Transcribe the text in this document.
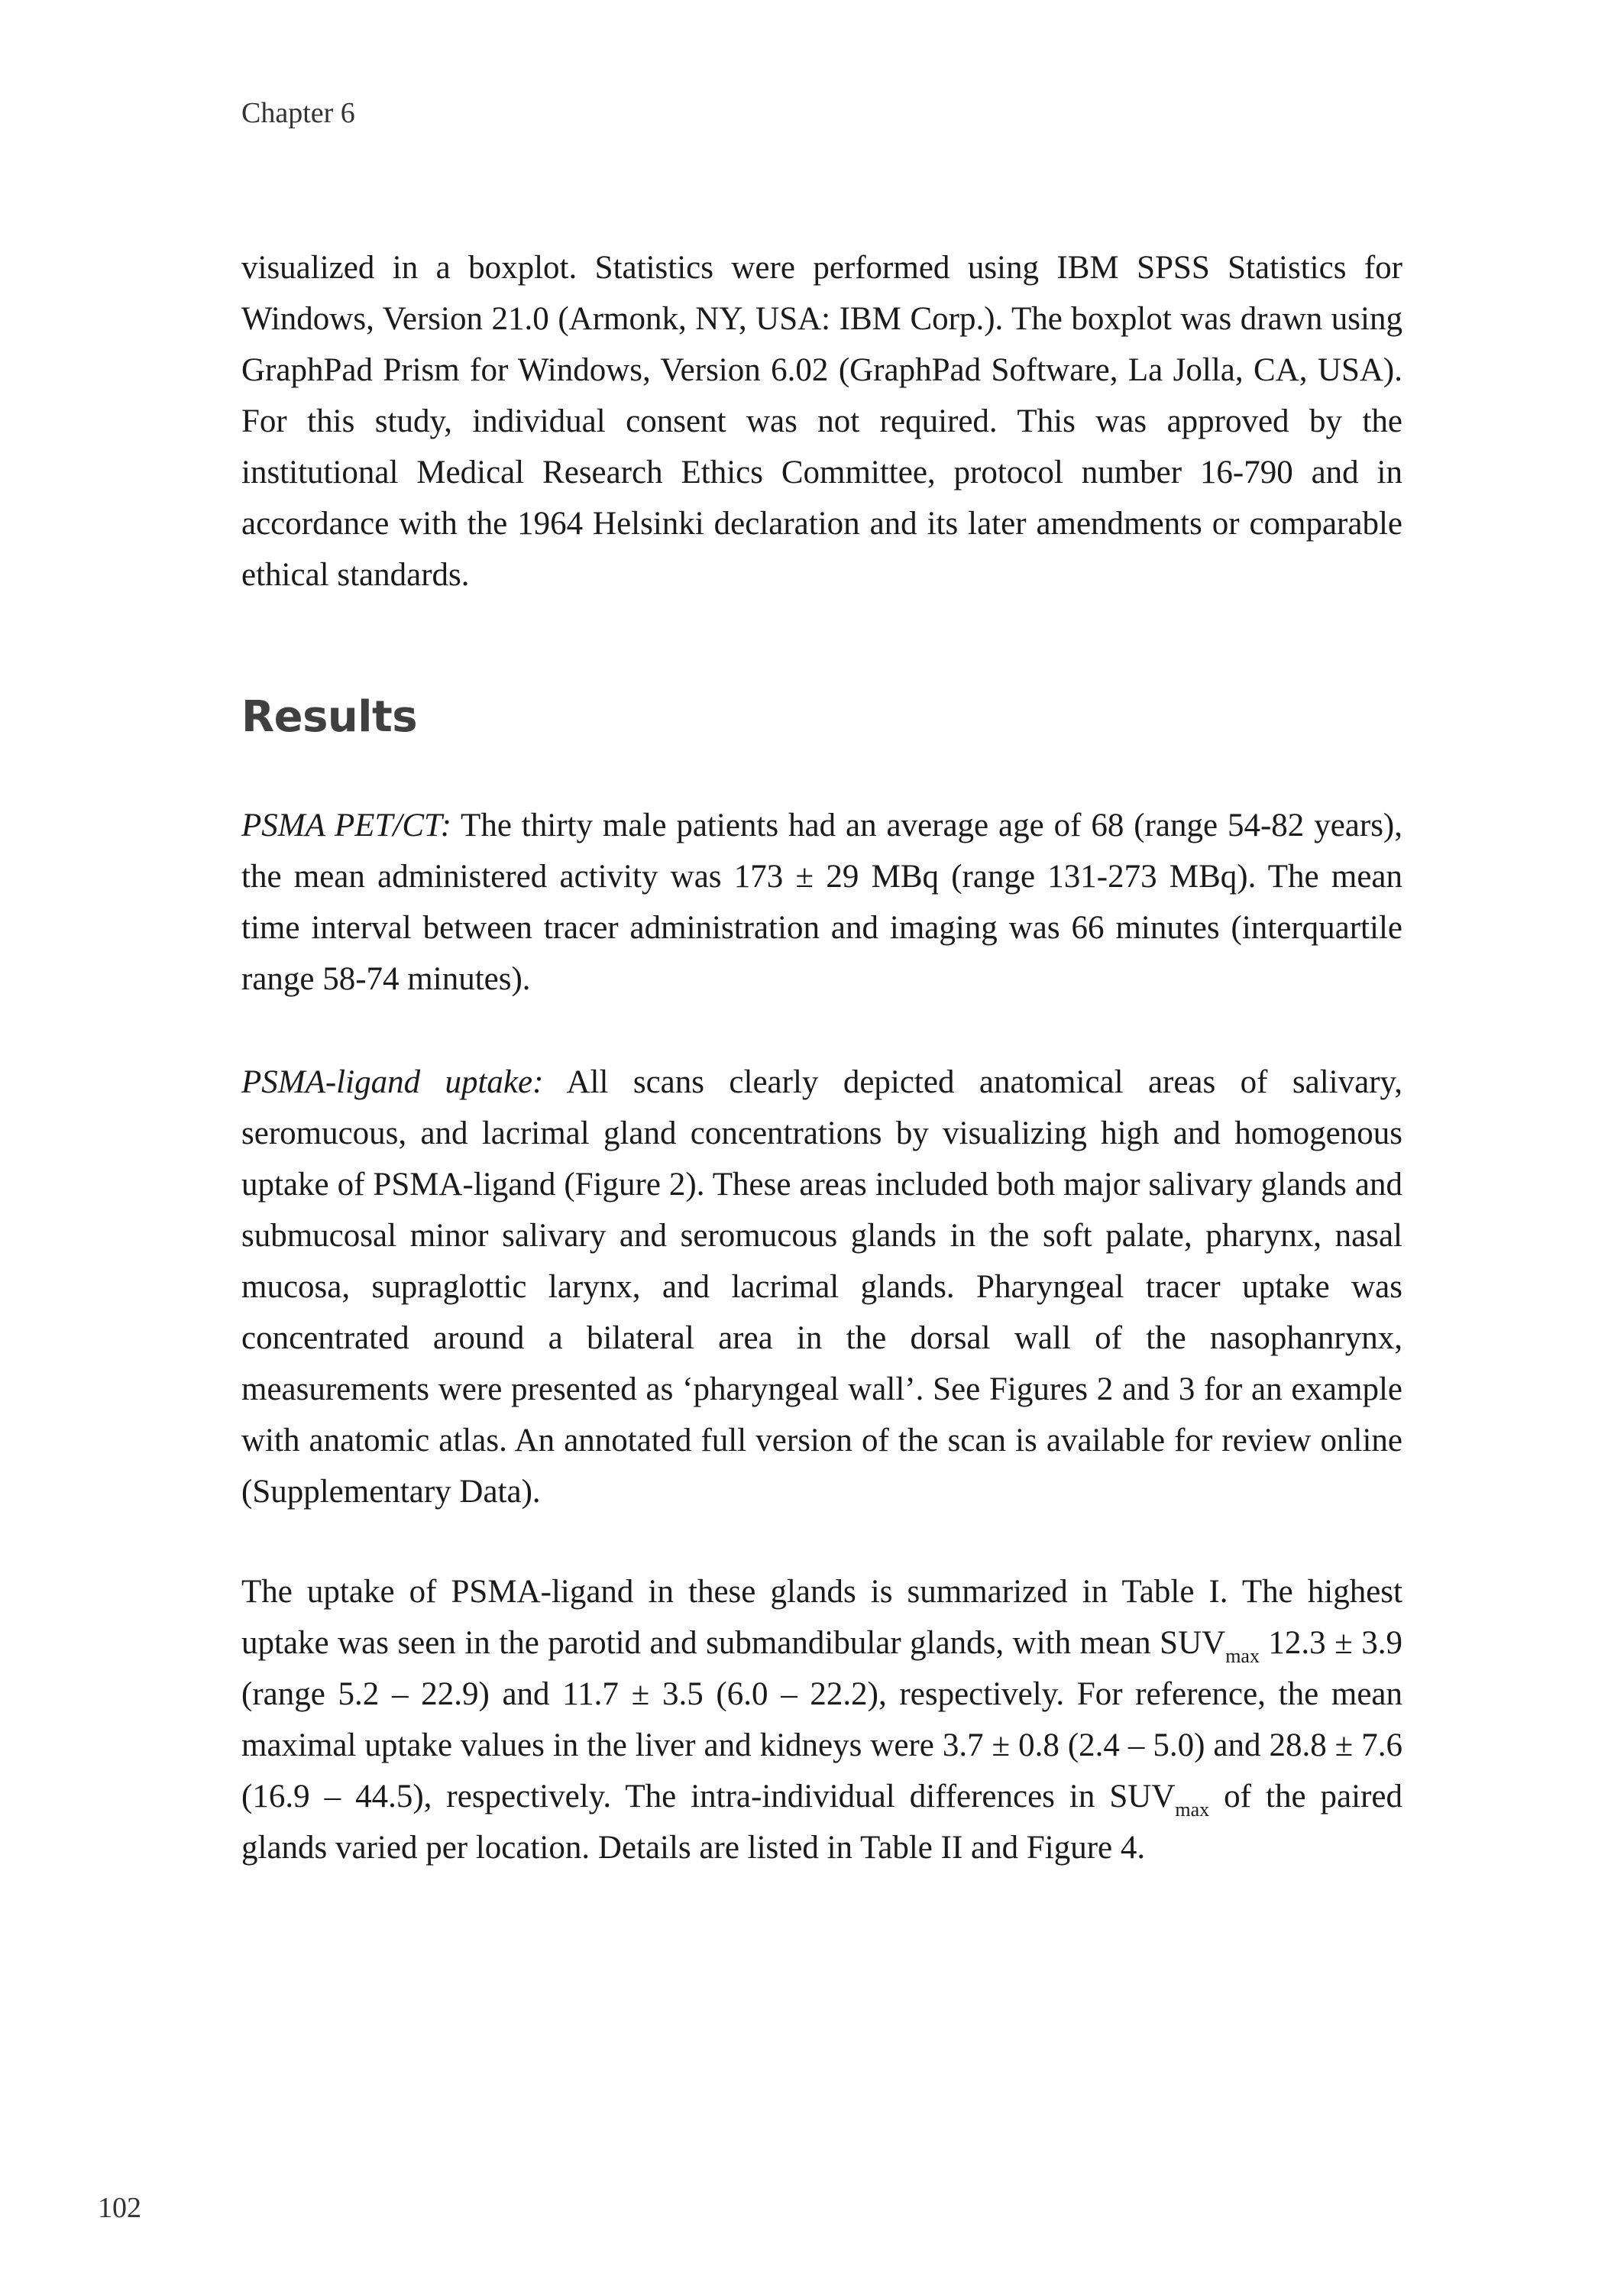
Chapter 6

visualized in a boxplot. Statistics were performed using IBM SPSS Statistics for Windows, Version 21.0 (Armonk, NY, USA: IBM Corp.). The boxplot was drawn using GraphPad Prism for Windows, Version 6.02 (GraphPad Software, La Jolla, CA, USA). For this study, individual consent was not required. This was approved by the institutional Medical Research Ethics Committee, protocol number 16-790 and in accordance with the 1964 Helsinki declaration and its later amendments or comparable ethical standards.

Results

PSMA PET/CT: The thirty male patients had an average age of 68 (range 54-82 years), the mean administered activity was 173 ± 29 MBq (range 131-273 MBq). The mean time interval between tracer administration and imaging was 66 minutes (interquartile range 58-74 minutes).

PSMA-ligand uptake: All scans clearly depicted anatomical areas of salivary, seromucous, and lacrimal gland concentrations by visualizing high and homogenous uptake of PSMA-ligand (Figure 2). These areas included both major salivary glands and submucosal minor salivary and seromucous glands in the soft palate, pharynx, nasal mucosa, supraglottic larynx, and lacrimal glands. Pharyngeal tracer uptake was concentrated around a bilateral area in the dorsal wall of the nasophanrynx, measurements were presented as ‘pharyngeal wall’. See Figures 2 and 3 for an example with anatomic atlas. An annotated full version of the scan is available for review online (Supplementary Data).

The uptake of PSMA-ligand in these glands is summarized in Table I. The highest uptake was seen in the parotid and submandibular glands, with mean $SUV_{max}$ 12.3 ± 3.9 (range 5.2 – 22.9) and 11.7 ± 3.5 (6.0 – 22.2), respectively. For reference, the mean maximal uptake values in the liver and kidneys were 3.7 ± 0.8 (2.4 – 5.0) and 28.8 ± 7.6 (16.9 – 44.5), respectively. The intra-individual differences in $SUV_{max}$ of the paired glands varied per location. Details are listed in Table II and Figure 4.

102
